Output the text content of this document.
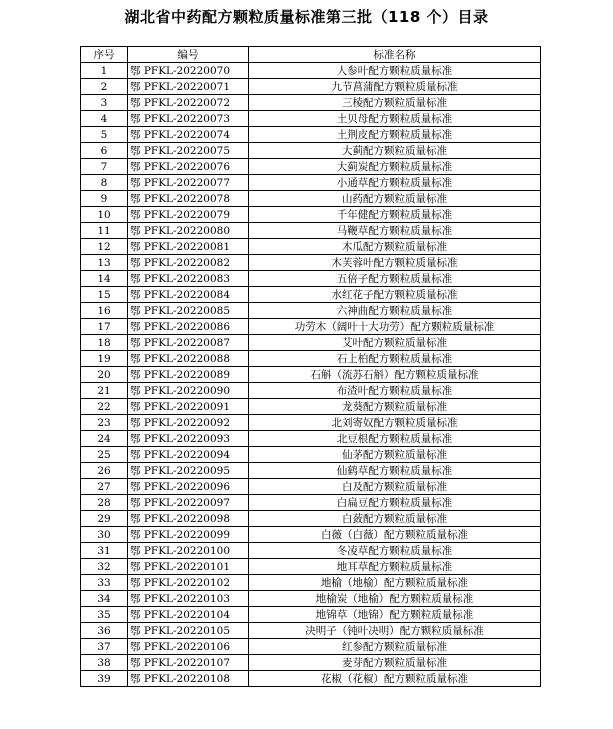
湖北省中药配方颗粒质量标准第三批（118 个）目录
序号	编号	标准名称
1	鄂 PFKL-20220070	人参叶配方颗粒质量标准
2	鄂 PFKL-20220071	九节菖蒲配方颗粒质量标准
3	鄂 PFKL-20220072	三棱配方颗粒质量标准
4	鄂 PFKL-20220073	土贝母配方颗粒质量标准
5	鄂 PFKL-20220074	土荆皮配方颗粒质量标准
6	鄂 PFKL-20220075	大蓟配方颗粒质量标准
7	鄂 PFKL-20220076	大蓟炭配方颗粒质量标准
8	鄂 PFKL-20220077	小通草配方颗粒质量标准
9	鄂 PFKL-20220078	山药配方颗粒质量标准
10	鄂 PFKL-20220079	千年健配方颗粒质量标准
11	鄂 PFKL-20220080	马鞭草配方颗粒质量标准
12	鄂 PFKL-20220081	木瓜配方颗粒质量标准
13	鄂 PFKL-20220082	木芙蓉叶配方颗粒质量标准
14	鄂 PFKL-20220083	五倍子配方颗粒质量标准
15	鄂 PFKL-20220084	水红花子配方颗粒质量标准
16	鄂 PFKL-20220085	六神曲配方颗粒质量标准
17	鄂 PFKL-20220086	功劳木（阔叶十大功劳）配方颗粒质量标准
18	鄂 PFKL-20220087	艾叶配方颗粒质量标准
19	鄂 PFKL-20220088	石上柏配方颗粒质量标准
20	鄂 PFKL-20220089	石斛（流苏石斛）配方颗粒质量标准
21	鄂 PFKL-20220090	布渣叶配方颗粒质量标准
22	鄂 PFKL-20220091	龙葵配方颗粒质量标准
23	鄂 PFKL-20220092	北刘寄奴配方颗粒质量标准
24	鄂 PFKL-20220093	北豆根配方颗粒质量标准
25	鄂 PFKL-20220094	仙茅配方颗粒质量标准
26	鄂 PFKL-20220095	仙鹤草配方颗粒质量标准
27	鄂 PFKL-20220096	白及配方颗粒质量标准
28	鄂 PFKL-20220097	白扁豆配方颗粒质量标准
29	鄂 PFKL-20220098	白蔹配方颗粒质量标准
30	鄂 PFKL-20220099	白薇（白薇）配方颗粒质量标准
31	鄂 PFKL-20220100	冬凌草配方颗粒质量标准
32	鄂 PFKL-20220101	地耳草配方颗粒质量标准
33	鄂 PFKL-20220102	地榆（地榆）配方颗粒质量标准
34	鄂 PFKL-20220103	地榆炭（地榆）配方颗粒质量标准
35	鄂 PFKL-20220104	地锦草（地锦）配方颗粒质量标准
36	鄂 PFKL-20220105	决明子（钝叶决明）配方颗粒质量标准
37	鄂 PFKL-20220106	红参配方颗粒质量标准
38	鄂 PFKL-20220107	麦芽配方颗粒质量标准
39	鄂 PFKL-20220108	花椒（花椒）配方颗粒质量标准
